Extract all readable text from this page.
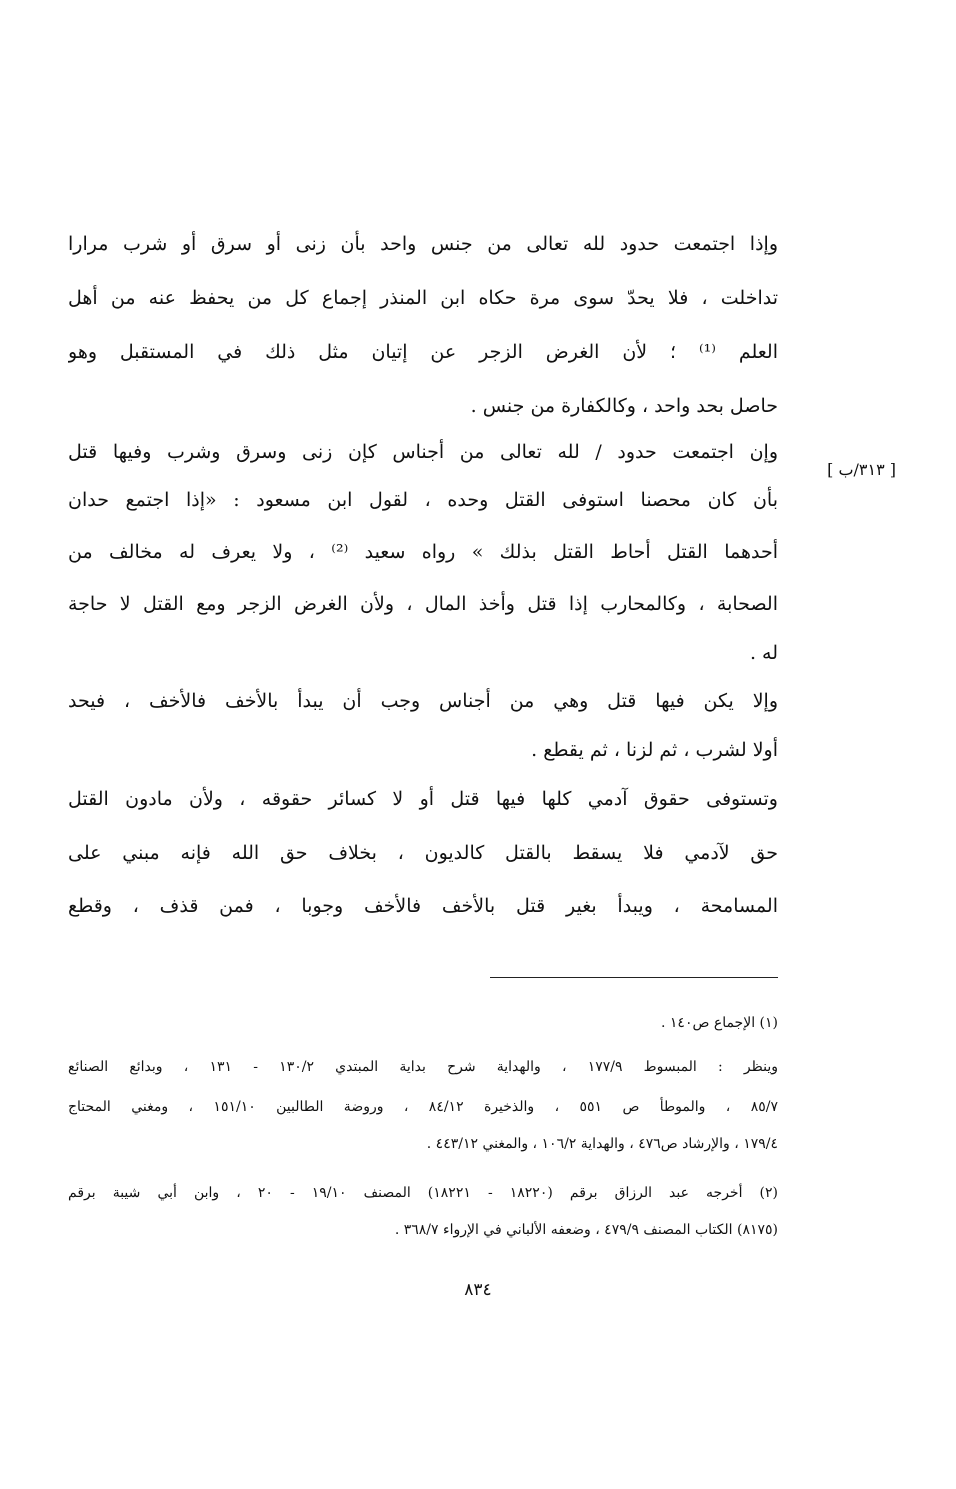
وإذا اجتمعت حدود لله تعالى من جنس واحد بأن زنى أو سرق أو شرب مرارا
تداخلت ، فلا يحدّ سوى مرة حكاه ابن المنذر إجماع كل من يحفظ عنه من أهل
العلم ⁽¹⁾ ؛ لأن الغرض الزجر عن إتيان مثل ذلك في المستقبل وهو
حاصل بحد واحد ، وكالكفارة من جنس .
وإن اجتمعت حدود / لله تعالى من أجناس كإن زنى وسرق وشرب وفيها قتل
[ ٣١٣/ب ]
بأن كان محصنا استوفى القتل وحده ، لقول ابن مسعود : «إذا اجتمع حدان
أحدهما القتل أحاط القتل بذلك » رواه سعيد ⁽²⁾ ، ولا يعرف له مخالف من
الصحابة ، وكالمحارب إذا قتل وأخذ المال ، ولأن الغرض الزجر ومع القتل لا حاجة
له .
وإلا يكن فيها قتل وهي من أجناس وجب أن يبدأ بالأخف فالأخف ، فيحد
أولا لشرب ، ثم لزنا ، ثم يقطع .
وتستوفى حقوق آدمي كلها فيها قتل أو لا كسائر حقوقه ، ولأن مادون القتل
حق لآدمي فلا يسقط بالقتل كالديون ، بخلاف حق الله فإنه مبني على
المسامحة ، ويبدأ بغير قتل بالأخف فالأخف وجوبا ، فمن قذف ، وقطع
(١) الإجماع ص١٤٠ .
وينظر : المبسوط ١٧٧/٩ ، والهداية شرح بداية المبتدي ١٣٠/٢ - ١٣١ ، وبدائع الصنائع
٨٥/٧ ، والموطأ ص ٥٥١ ، والذخيرة ٨٤/١٢ ، وروضة الطالبين ١٥١/١٠ ، ومغني المحتاج
١٧٩/٤ ، والإرشاد ص٤٧٦ ، والهداية ١٠٦/٢ ، والمغني ٤٤٣/١٢ .
(٢) أخرجه عبد الرزاق برقم (١٨٢٢٠ - ١٨٢٢١) المصنف ١٩/١٠ - ٢٠ ، وابن أبي شيبة برقم
(٨١٧٥) الكتاب المصنف ٤٧٩/٩ ، وضعفه الألباني في الإرواء ٣٦٨/٧ .
٨٣٤
